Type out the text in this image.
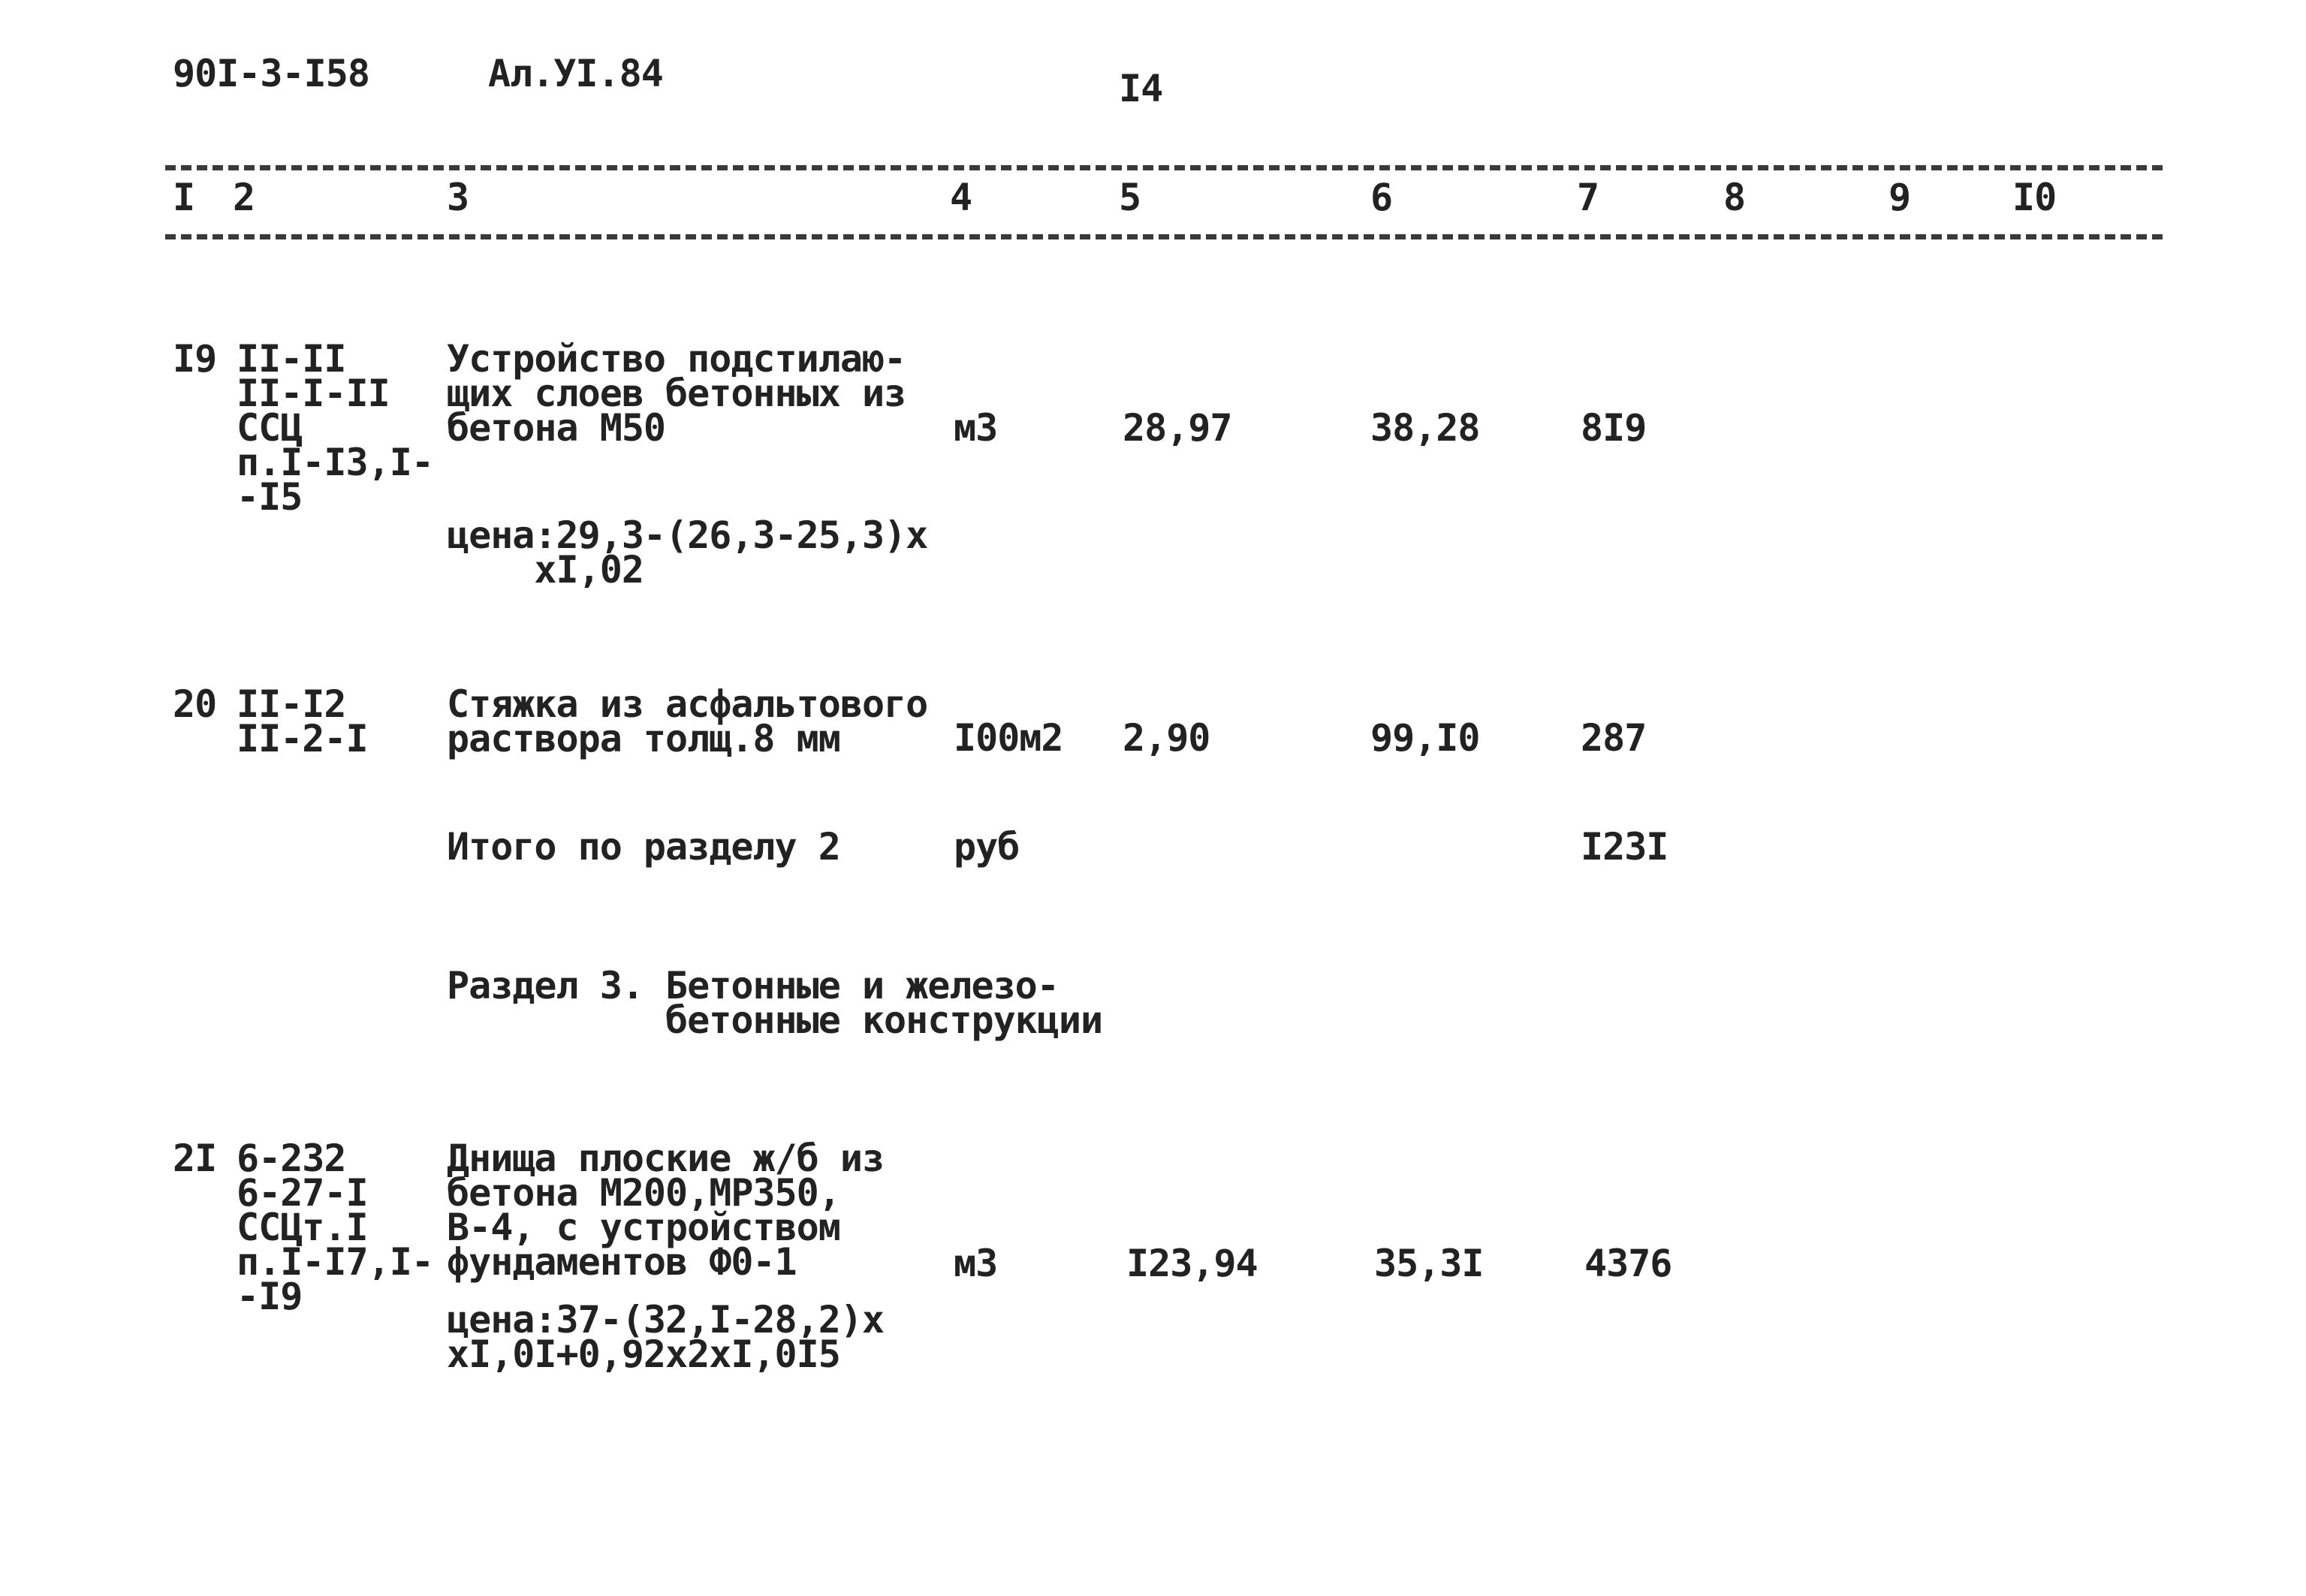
90I-3-I58	Ал.УI.84	I4
I 2	3	4	5	6	7	8	9	I0
I9 II-II
II-I-II
ССЦ
п.I-I3,I-
-I5
Устройство подстилаю-
щих слоев бетонных из
бетона М50
цена:29,3-(26,3-25,3)х
хI,02
м3	28,97	38,28	8I9
20 II-I2
II-2-I
Стяжка из асфальтового
раствора толщ.8 мм	I00м2 2,90	99,I0	287
Итого по разделу 2	руб	I23I
Раздел 3. Бетонные и железо-
бетонные конструкции
2I 6-232
6-27-I
ССЦт.I
п.I-I7,I-
-I9
Днища плоские ж/б из
бетона М200,МРЗ50,
В-4, с устройством
фундаментов Ф0-1
цена:37-(32,I-28,2)х
хI,0I+0,92х2хI,0I5
м3	I23,94	35,3I	4376
